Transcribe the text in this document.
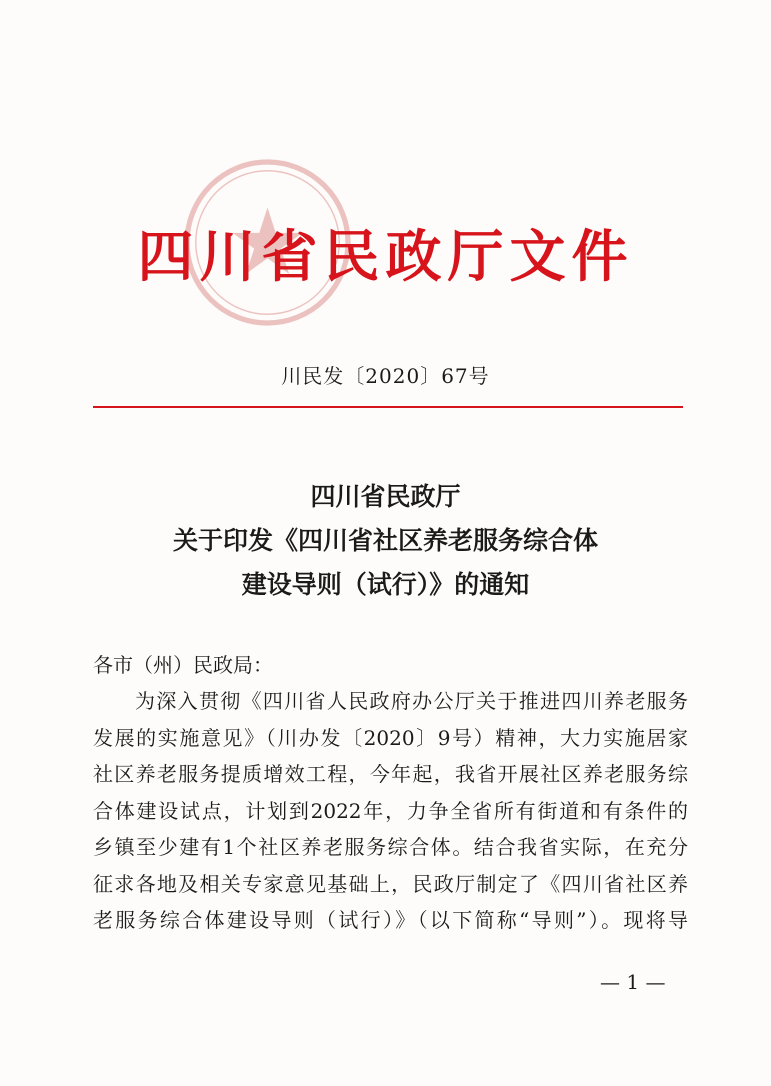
四川省民政厅文件
川民发〔2020〕67号
四川省民政厅
关于印发《四川省社区养老服务综合体
建设导则（试行）》的通知
各市（州）民政局：
为深入贯彻《四川省人民政府办公厅关于推进四川养老服务
发展的实施意见》（川办发〔2020〕9号）精神，大力实施居家
社区养老服务提质增效工程，今年起，我省开展社区养老服务综
合体建设试点，计划到2022年，力争全省所有街道和有条件的
乡镇至少建有1个社区养老服务综合体。结合我省实际，在充分
征求各地及相关专家意见基础上，民政厅制定了《四川省社区养
老服务综合体建设导则（试行）》（以下简称“导则”）。现将导
— 1 —
